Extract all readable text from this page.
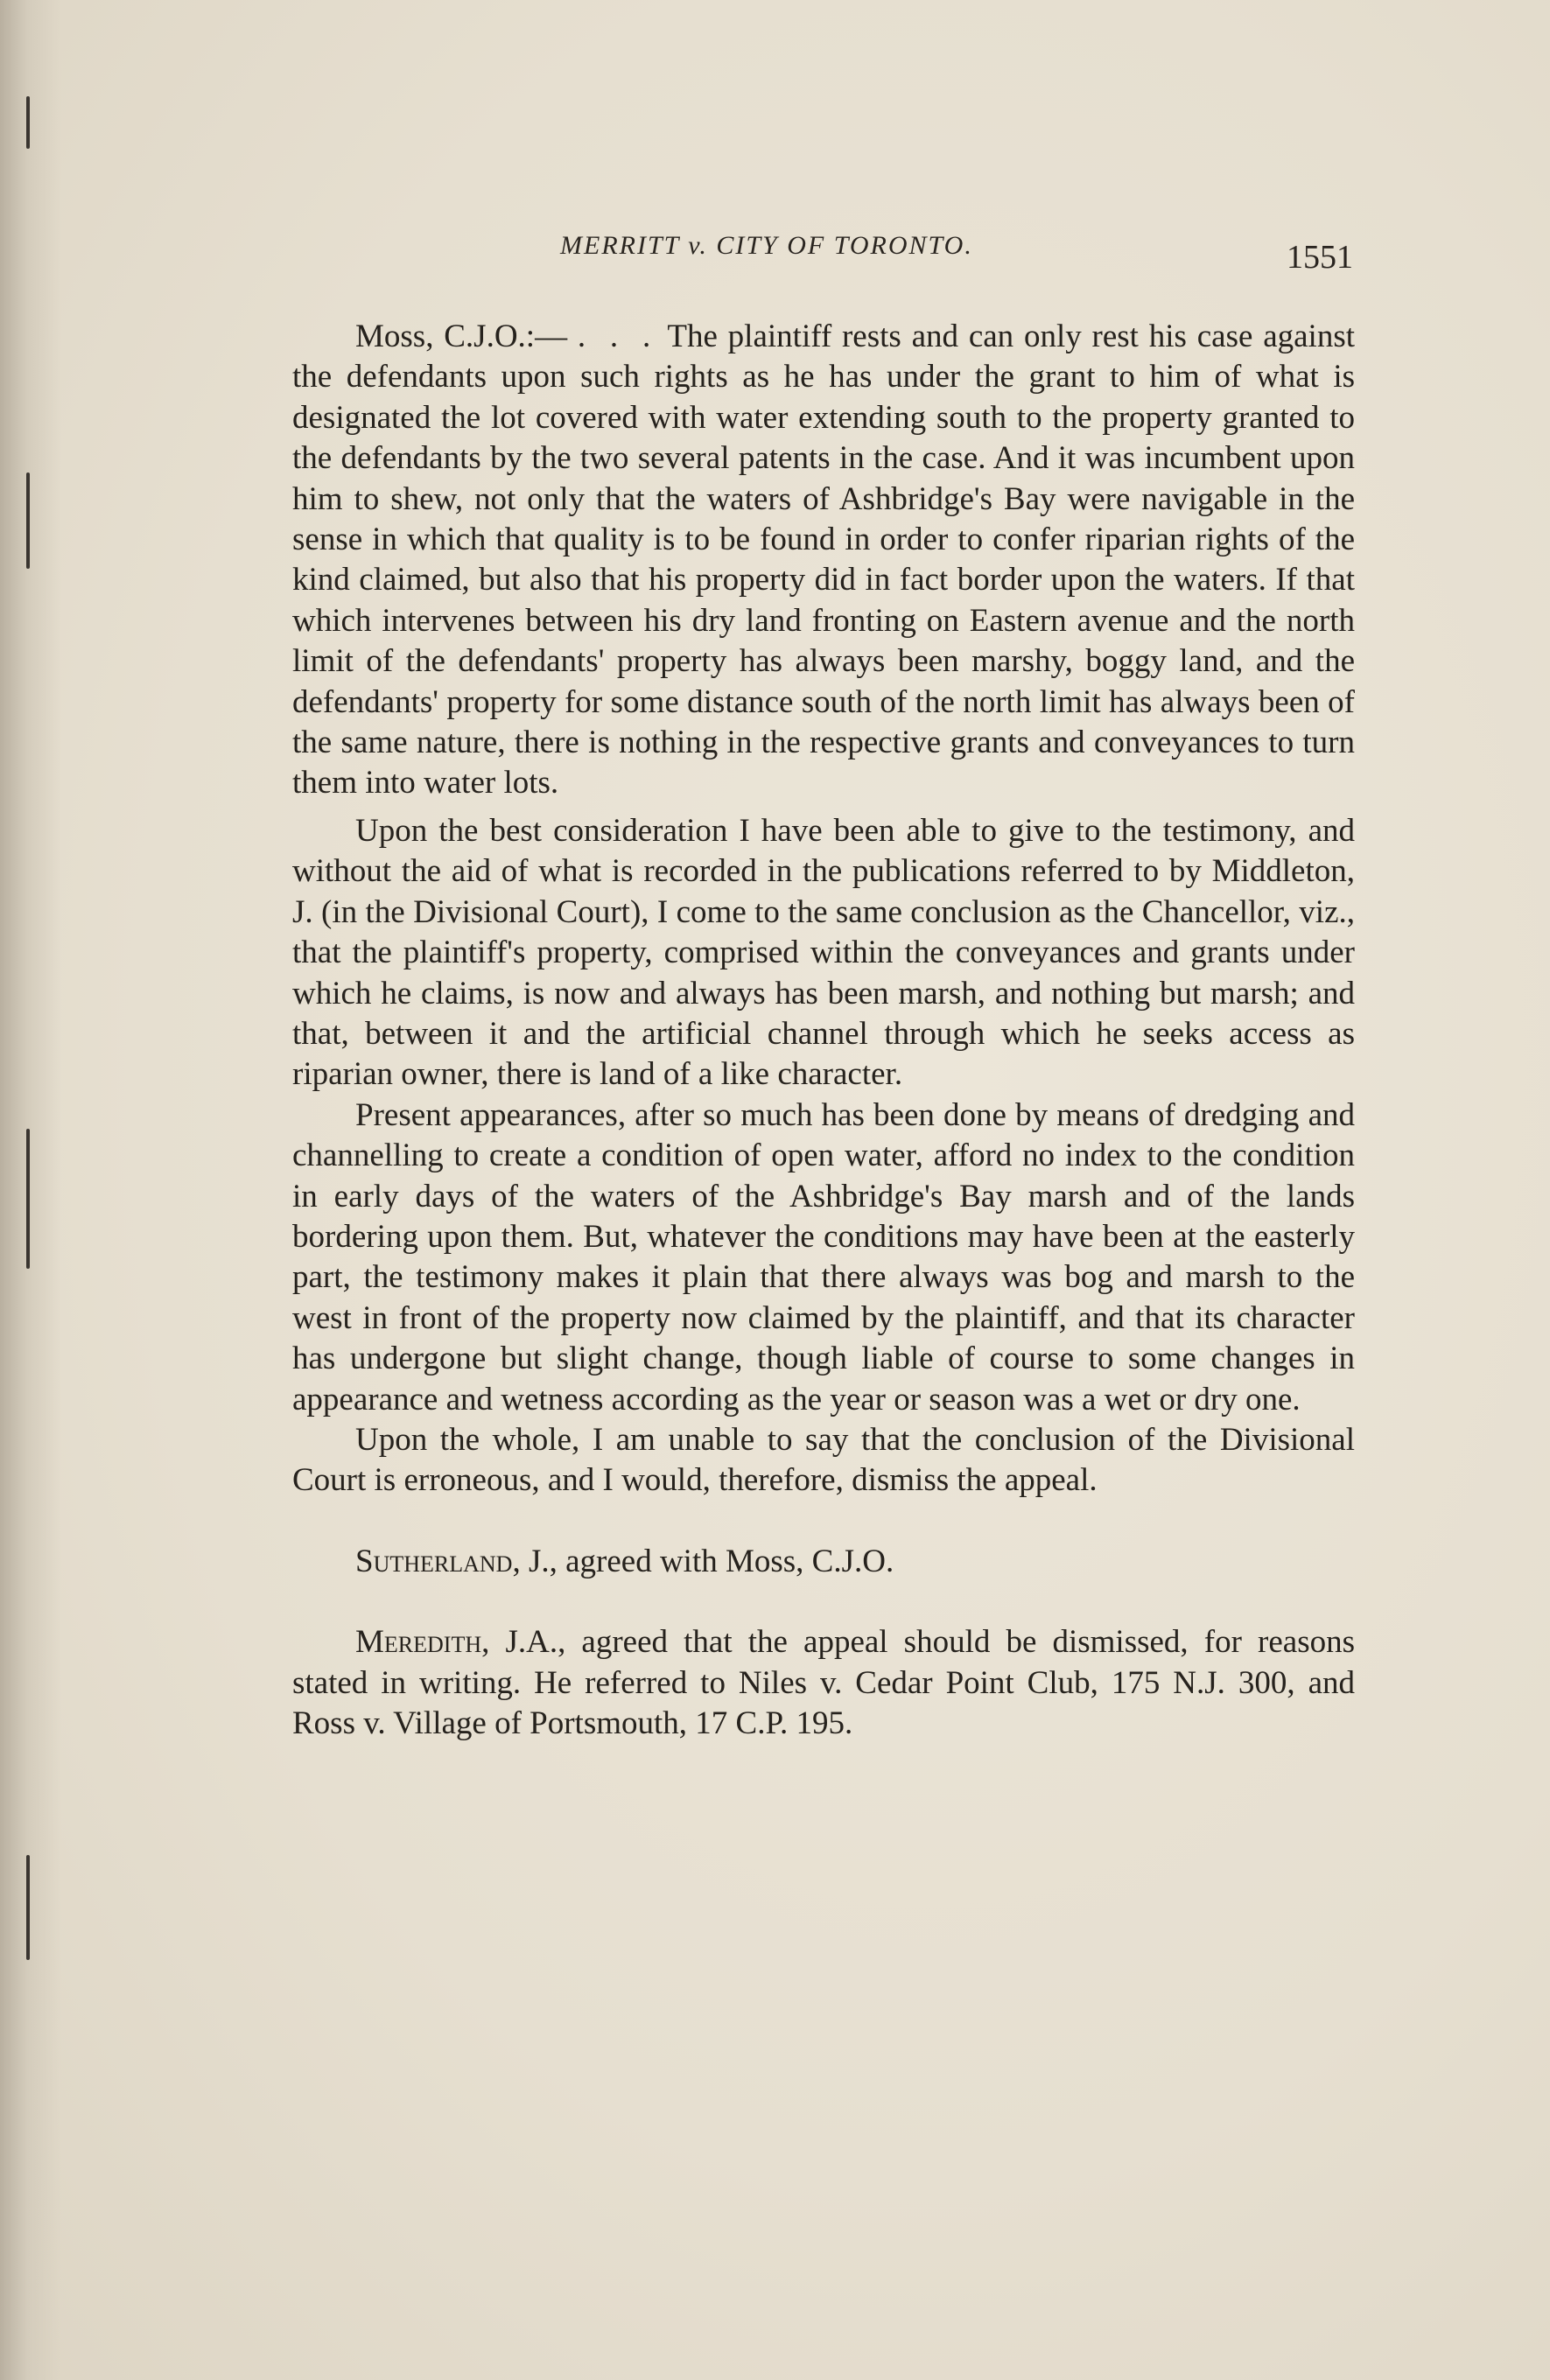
MERRITT v. CITY OF TORONTO.	1551

Moss, C.J.O.:— . . . The plaintiff rests and can only rest his case against the defendants upon such rights as he has under the grant to him of what is designated the lot covered with water extending south to the property granted to the defendants by the two several patents in the case. And it was incumbent upon him to shew, not only that the waters of Ashbridge's Bay were navigable in the sense in which that quality is to be found in order to confer riparian rights of the kind claimed, but also that his property did in fact border upon the waters. If that which intervenes between his dry land fronting on Eastern avenue and the north limit of the defendants' property has always been marshy, boggy land, and the defendants' property for some distance south of the north limit has always been of the same nature, there is nothing in the respective grants and conveyances to turn them into water lots.

Upon the best consideration I have been able to give to the testimony, and without the aid of what is recorded in the publications referred to by Middleton, J. (in the Divisional Court), I come to the same conclusion as the Chancellor, viz., that the plaintiff's property, comprised within the conveyances and grants under which he claims, is now and always has been marsh, and nothing but marsh; and that, between it and the artificial channel through which he seeks access as riparian owner, there is land of a like character.

Present appearances, after so much has been done by means of dredging and channelling to create a condition of open water, afford no index to the condition in early days of the waters of the Ashbridge's Bay marsh and of the lands bordering upon them. But, whatever the conditions may have been at the easterly part, the testimony makes it plain that there always was bog and marsh to the west in front of the property now claimed by the plaintiff, and that its character has undergone but slight change, though liable of course to some changes in appearance and wetness according as the year or season was a wet or dry one.

Upon the whole, I am unable to say that the conclusion of the Divisional Court is erroneous, and I would, therefore, dismiss the appeal.

Sutherland, J., agreed with Moss, C.J.O.

Meredith, J.A., agreed that the appeal should be dismissed, for reasons stated in writing. He referred to Niles v. Cedar Point Club, 175 N.J. 300, and Ross v. Village of Portsmouth, 17 C.P. 195.
